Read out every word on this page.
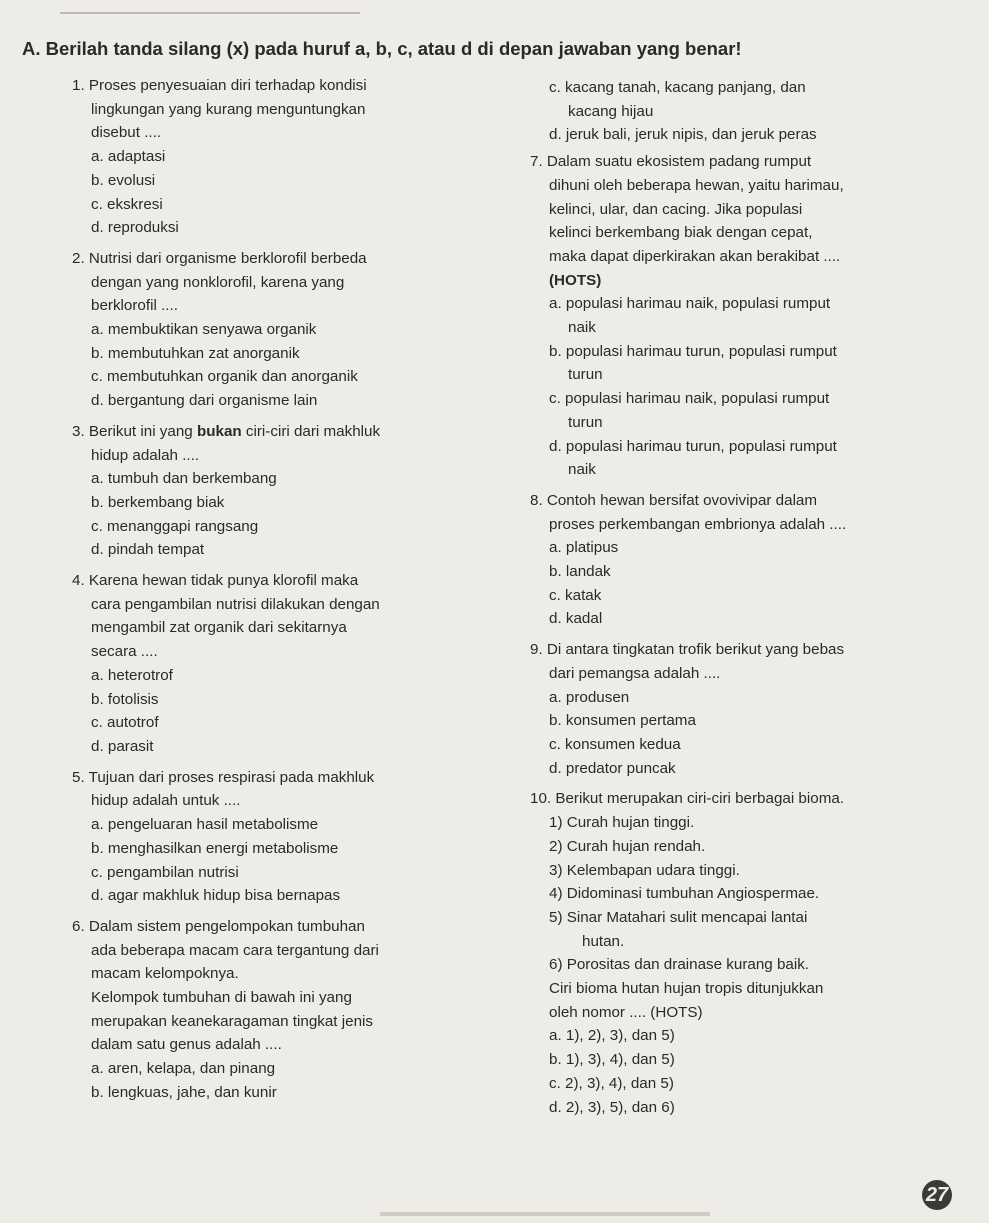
A. Berilah tanda silang (x) pada huruf a, b, c, atau d di depan jawaban yang benar!
1. Proses penyesuaian diri terhadap kondisi
lingkungan yang kurang menguntungkan
disebut ....
a. adaptasi
b. evolusi
c. ekskresi
d. reproduksi
2. Nutrisi dari organisme berklorofil berbeda
dengan yang nonklorofil, karena yang
berklorofil ....
a. membuktikan senyawa organik
b. membutuhkan zat anorganik
c. membutuhkan organik dan anorganik
d. bergantung dari organisme lain
3. Berikut ini yang bukan ciri-ciri dari makhluk
hidup adalah ....
a. tumbuh dan berkembang
b. berkembang biak
c. menanggapi rangsang
d. pindah tempat
4. Karena hewan tidak punya klorofil maka
cara pengambilan nutrisi dilakukan dengan
mengambil zat organik dari sekitarnya
secara ....
a. heterotrof
b. fotolisis
c. autotrof
d. parasit
5. Tujuan dari proses respirasi pada makhluk
hidup adalah untuk ....
a. pengeluaran hasil metabolisme
b. menghasilkan energi metabolisme
c. pengambilan nutrisi
d. agar makhluk hidup bisa bernapas
6. Dalam sistem pengelompokan tumbuhan
ada beberapa macam cara tergantung dari
macam kelompoknya.
Kelompok tumbuhan di bawah ini yang
merupakan keanekaragaman tingkat jenis
dalam satu genus adalah ....
a. aren, kelapa, dan pinang
b. lengkuas, jahe, dan kunir
c. kacang tanah, kacang panjang, dan
kacang hijau
d. jeruk bali, jeruk nipis, dan jeruk peras
7. Dalam suatu ekosistem padang rumput
dihuni oleh beberapa hewan, yaitu harimau,
kelinci, ular, dan cacing. Jika populasi
kelinci berkembang biak dengan cepat,
maka dapat diperkirakan akan berakibat ....
(HOTS)
a. populasi harimau naik, populasi rumput
naik
b. populasi harimau turun, populasi rumput
turun
c. populasi harimau naik, populasi rumput
turun
d. populasi harimau turun, populasi rumput
naik
8. Contoh hewan bersifat ovovivipar dalam
proses perkembangan embrionya adalah ....
a. platipus
b. landak
c. katak
d. kadal
9. Di antara tingkatan trofik berikut yang bebas
dari pemangsa adalah ....
a. produsen
b. konsumen pertama
c. konsumen kedua
d. predator puncak
10. Berikut merupakan ciri-ciri berbagai bioma.
1) Curah hujan tinggi.
2) Curah hujan rendah.
3) Kelembapan udara tinggi.
4) Didominasi tumbuhan Angiospermae.
5) Sinar Matahari sulit mencapai lantai
hutan.
6) Porositas dan drainase kurang baik.
Ciri bioma hutan hujan tropis ditunjukkan
oleh nomor .... (HOTS)
a. 1), 2), 3), dan 5)
b. 1), 3), 4), dan 5)
c. 2), 3), 4), dan 5)
d. 2), 3), 5), dan 6)
27
